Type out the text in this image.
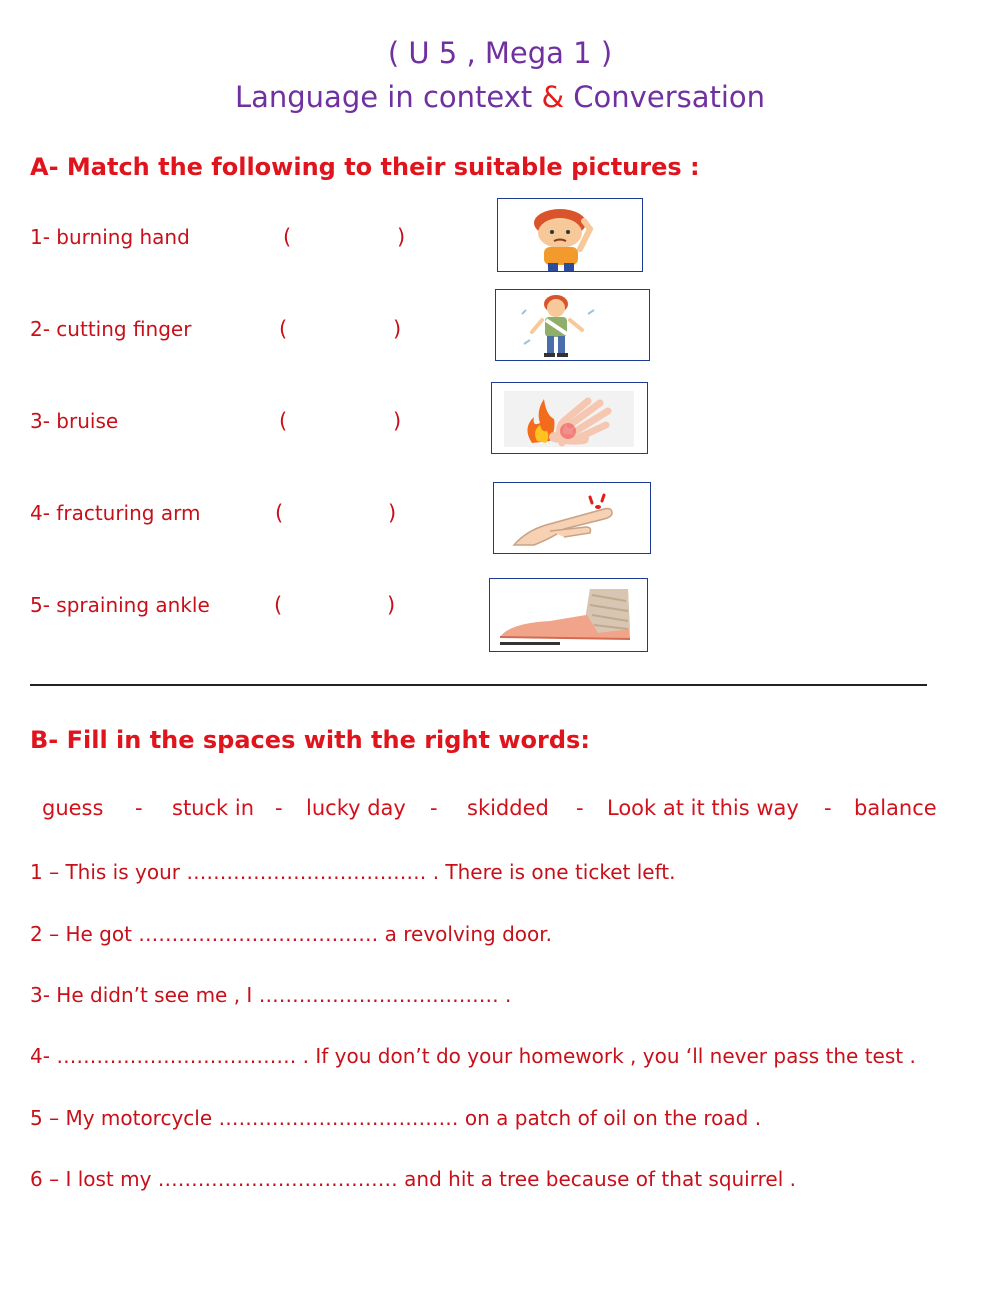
( U 5 , Mega 1 )
Language in context & Conversation
A- Match the following to their suitable pictures :
1- burning hand	(	)
2- cutting finger	(	)
3- bruise	(	)
4- fracturing arm	(	)
5- spraining ankle	(	)
B- Fill in the spaces with the right words:
guess - stuck in - lucky day - skidded - Look at it this way - balance
1 – This is your ……………………………… . There is one ticket left.
2 – He got ……………………………… a revolving door.
3- He didn’t see me , I ……………………………… .
4- ……………………………… . If you don’t do your homework , you ‘ll never pass the test .
5 – My motorcycle ……………………………… on a patch of oil on the road .
6 – I lost my ……………………………… and hit a tree because of that squirrel .
